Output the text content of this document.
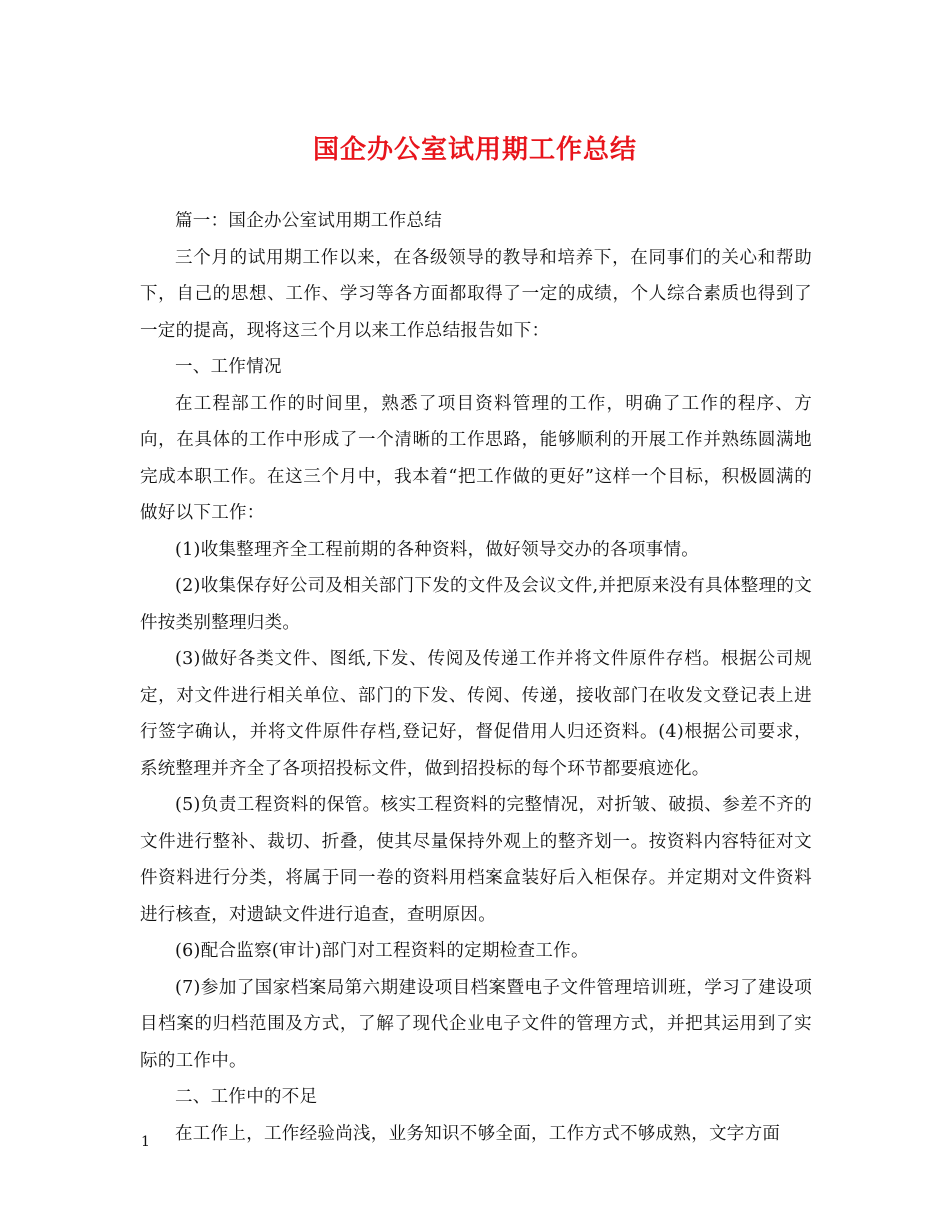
国企办公室试用期工作总结

篇一：国企办公室试用期工作总结

三个月的试用期工作以来，在各级领导的教导和培养下，在同事们的关心和帮助下，自己的思想、工作、学习等各方面都取得了一定的成绩，个人综合素质也得到了一定的提高，现将这三个月以来工作总结报告如下：

一、工作情况

在工程部工作的时间里，熟悉了项目资料管理的工作，明确了工作的程序、方向，在具体的工作中形成了一个清晰的工作思路，能够顺利的开展工作并熟练圆满地完成本职工作。在这三个月中，我本着“把工作做的更好”这样一个目标，积极圆满的做好以下工作：

(1)收集整理齐全工程前期的各种资料，做好领导交办的各项事情。

(2)收集保存好公司及相关部门下发的文件及会议文件,并把原来没有具体整理的文件按类别整理归类。

(3)做好各类文件、图纸,下发、传阅及传递工作并将文件原件存档。根据公司规定，对文件进行相关单位、部门的下发、传阅、传递，接收部门在收发文登记表上进行签字确认，并将文件原件存档,登记好，督促借用人归还资料。(4)根据公司要求，系统整理并齐全了各项招投标文件，做到招投标的每个环节都要痕迹化。

(5)负责工程资料的保管。核实工程资料的完整情况，对折皱、破损、参差不齐的文件进行整补、裁切、折叠，使其尽量保持外观上的整齐划一。按资料内容特征对文件资料进行分类，将属于同一卷的资料用档案盒装好后入柜保存。并定期对文件资料进行核查，对遗缺文件进行追查，查明原因。

(6)配合监察(审计)部门对工程资料的定期检查工作。

(7)参加了国家档案局第六期建设项目档案暨电子文件管理培训班，学习了建设项目档案的归档范围及方式，了解了现代企业电子文件的管理方式，并把其运用到了实际的工作中。

二、工作中的不足

在工作上，工作经验尚浅，业务知识不够全面，工作方式不够成熟，文字方面

1
